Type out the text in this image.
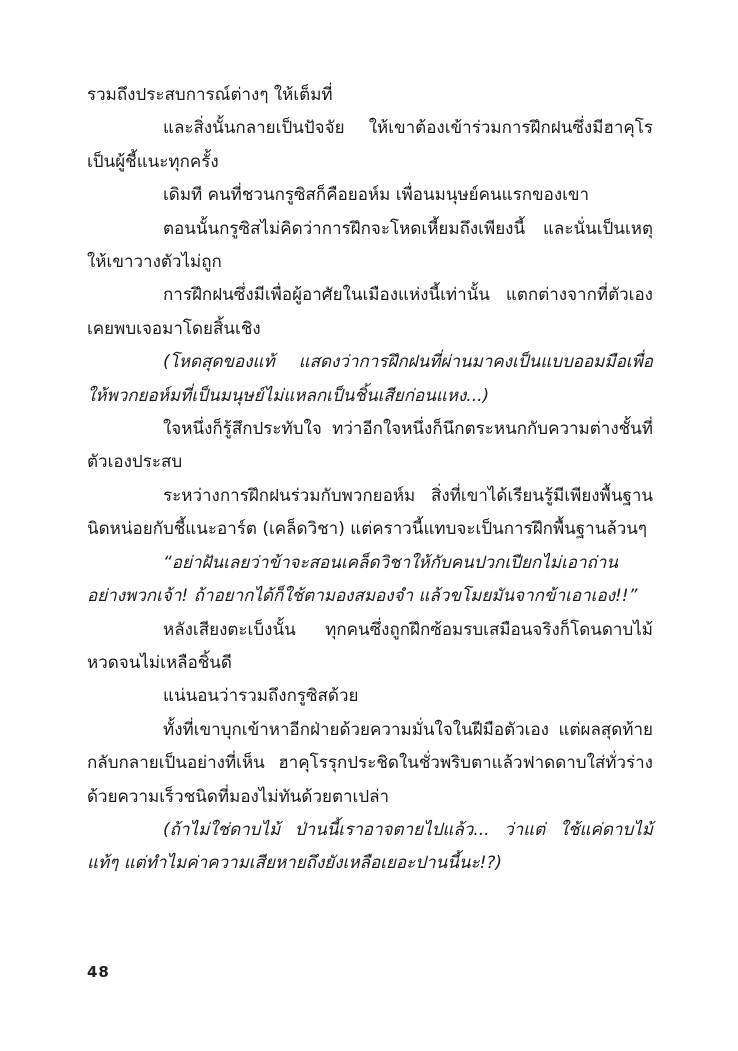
รวมถึงประสบการณ์ต่างๆ ให้เต็มที่

และสิ่งนั้นกลายเป็นปัจจัย ให้เขาต้องเข้าร่วมการฝึกฝนซึ่งมีฮาคุโรเป็นผู้ชี้แนะทุกครั้ง

เดิมที คนที่ชวนกรูซิสก็คือยอห์ม เพื่อนมนุษย์คนแรกของเขา

ตอนนั้นกรูซิสไม่คิดว่าการฝึกจะโหดเหี้ยมถึงเพียงนี้ และนั่นเป็นเหตุให้เขาวางตัวไม่ถูก

การฝึกฝนซึ่งมีเพื่อผู้อาศัยในเมืองแห่งนี้เท่านั้น แตกต่างจากที่ตัวเองเคยพบเจอมาโดยสิ้นเชิง

(โหดสุดของแท้ แสดงว่าการฝึกฝนที่ผ่านมาคงเป็นแบบออมมือเพื่อให้พวกยอห์มที่เป็นมนุษย์ไม่แหลกเป็นชิ้นเสียก่อนแหง...)

ใจหนึ่งก็รู้สึกประทับใจ ทว่าอีกใจหนึ่งก็นึกตระหนกกับความต่างชั้นที่ตัวเองประสบ

ระหว่างการฝึกฝนร่วมกับพวกยอห์ม สิ่งที่เขาได้เรียนรู้มีเพียงพื้นฐานนิดหน่อยกับชี้แนะอาร์ต (เคล็ดวิชา) แต่คราวนี้แทบจะเป็นการฝึกพื้นฐานล้วนๆ

“อย่าฝันเลยว่าข้าจะสอนเคล็ดวิชาให้กับคนปวกเปียกไม่เอาถ่านอย่างพวกเจ้า! ถ้าอยากได้ก็ใช้ตามองสมองจำ แล้วขโมยมันจากข้าเอาเอง!!”

หลังเสียงตะเบ็งนั้น ทุกคนซึ่งถูกฝึกซ้อมรบเสมือนจริงก็โดนดาบไม้หวดจนไม่เหลือชิ้นดี

แน่นอนว่ารวมถึงกรูซิสด้วย

ทั้งที่เขาบุกเข้าหาอีกฝ่ายด้วยความมั่นใจในฝีมือตัวเอง แต่ผลสุดท้ายกลับกลายเป็นอย่างที่เห็น ฮาคุโรรุกประชิดในชั่วพริบตาแล้วฟาดดาบใส่ทั่วร่างด้วยความเร็วชนิดที่มองไม่ทันด้วยตาเปล่า

(ถ้าไม่ใช่ดาบไม้ ป่านนี้เราอาจตายไปแล้ว... ว่าแต่ ใช้แค่ดาบไม้แท้ๆ แต่ทำไมค่าความเสียหายถึงยังเหลือเยอะปานนี้นะ!?)

48
